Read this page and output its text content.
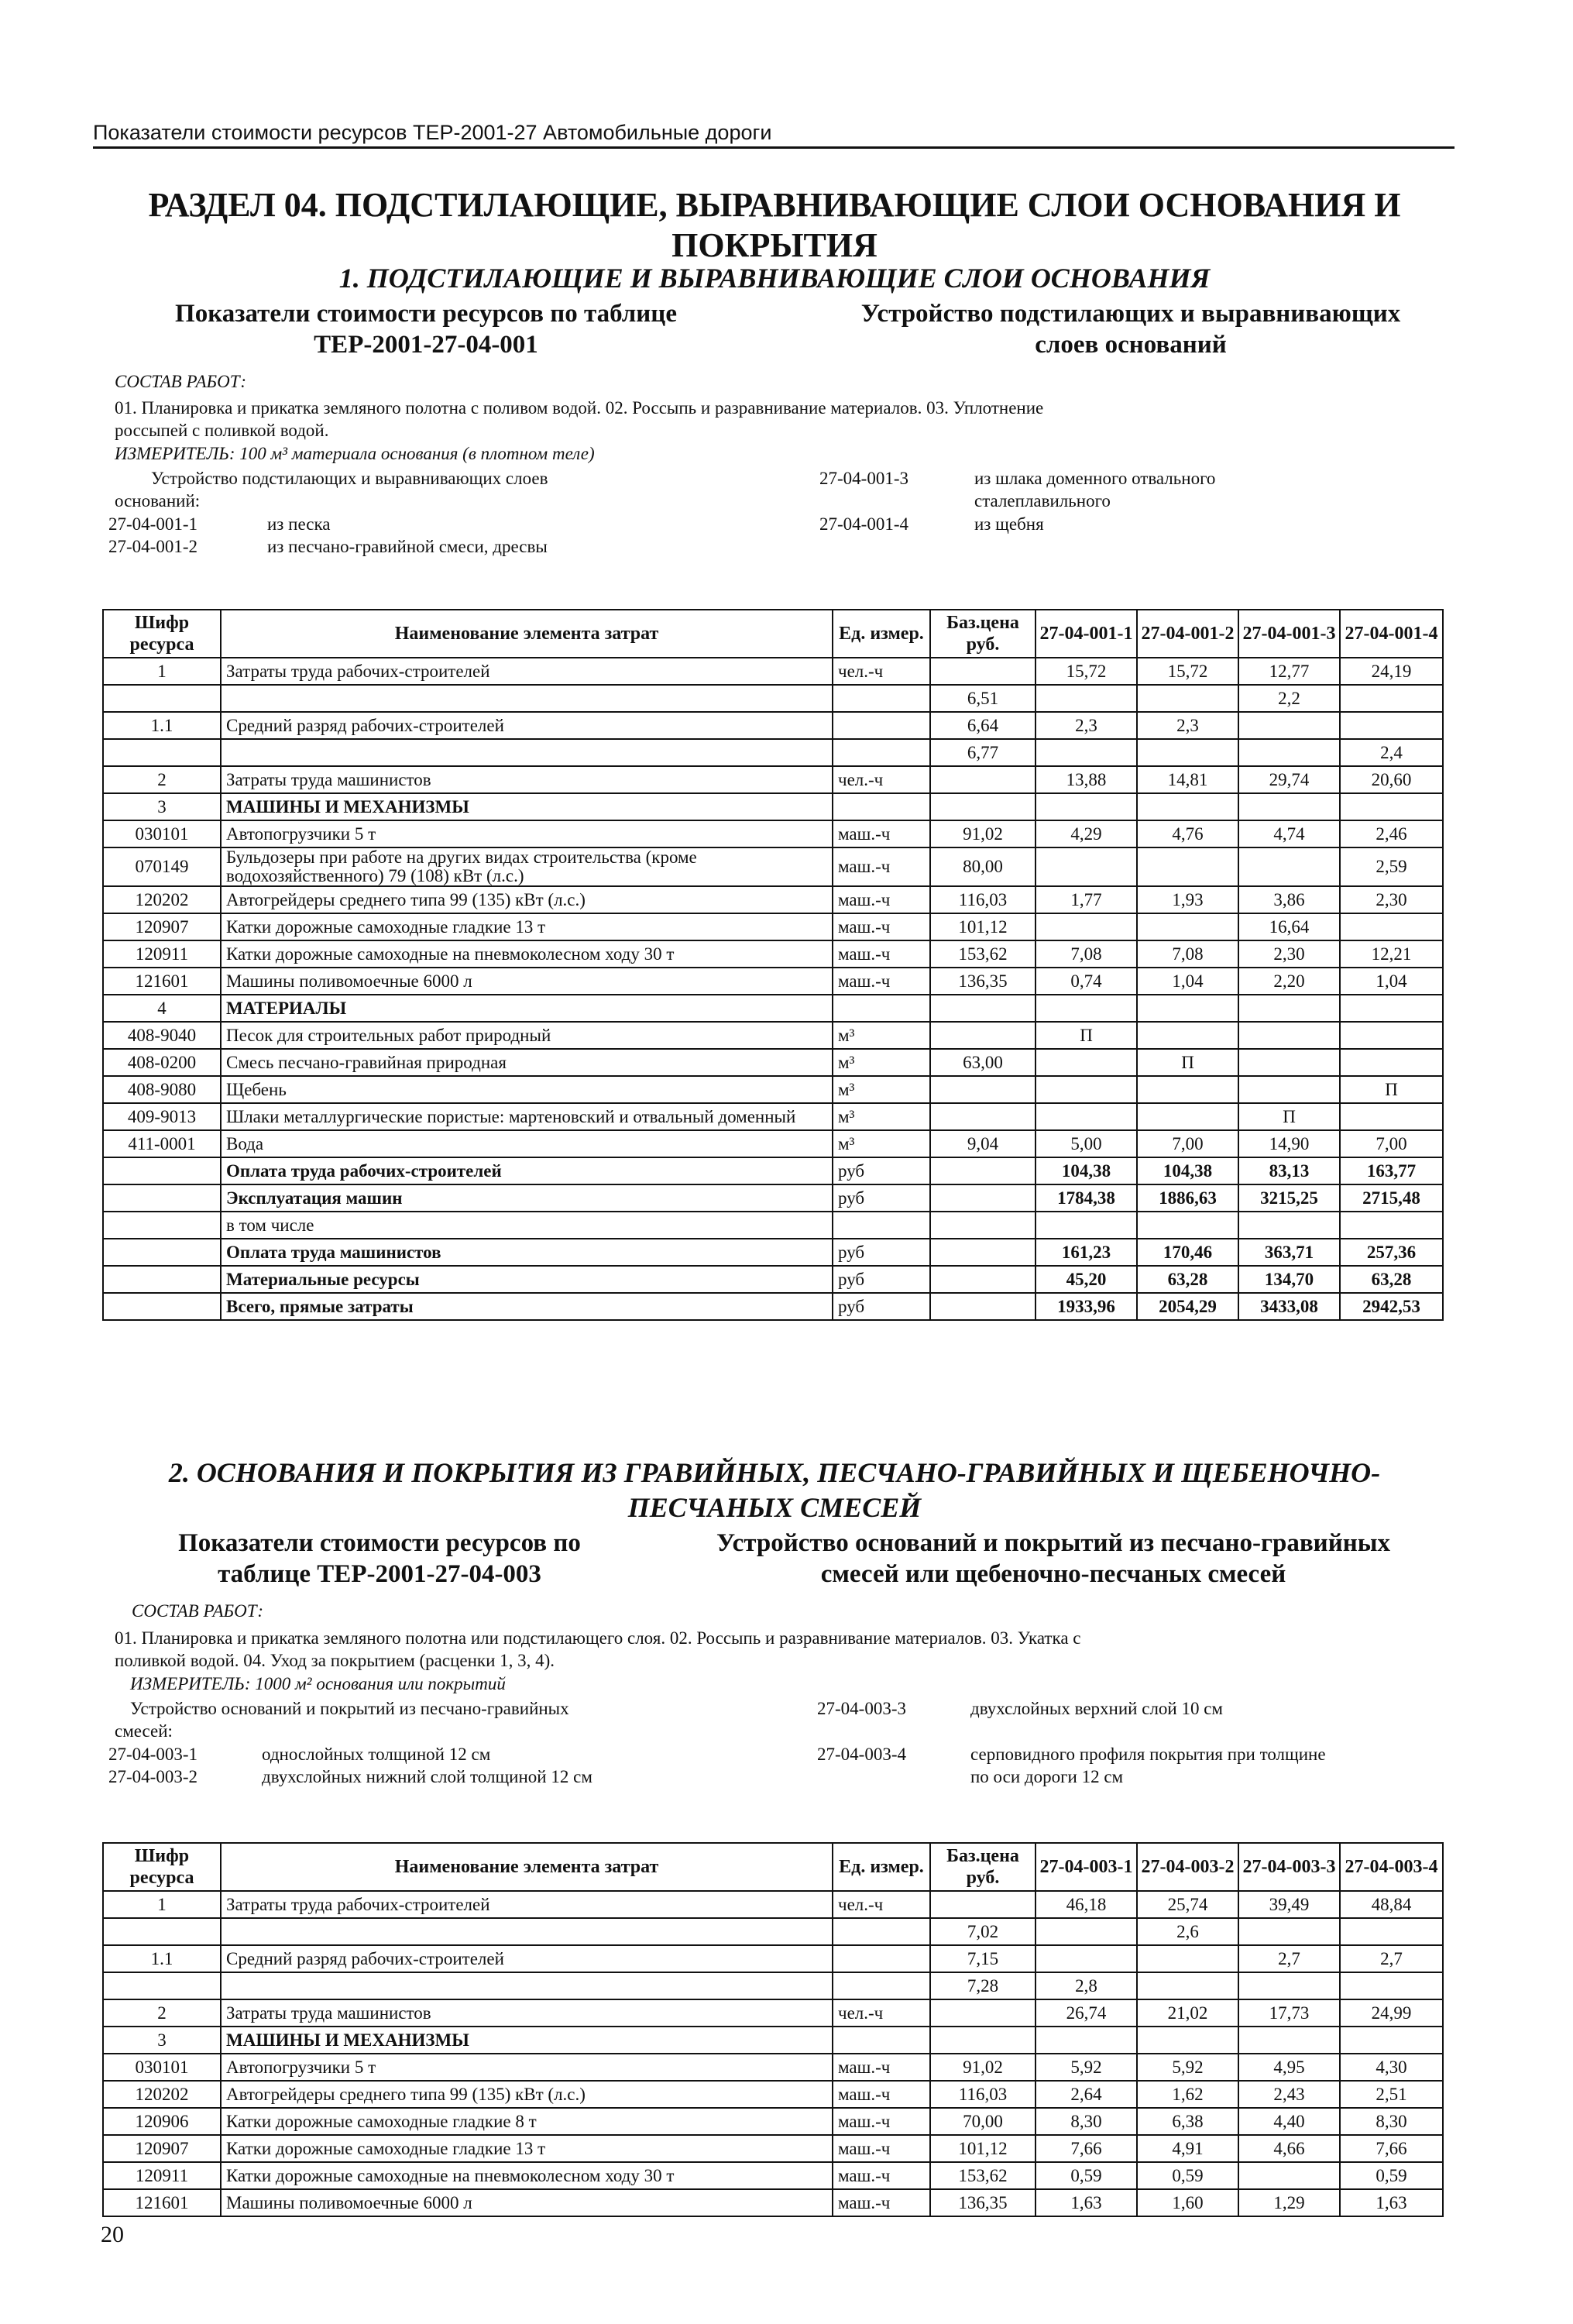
Показатели стоимости ресурсов ТЕР-2001-27 Автомобильные дороги
РАЗДЕЛ 04. ПОДСТИЛАЮЩИЕ, ВЫРАВНИВАЮЩИЕ СЛОИ ОСНОВАНИЯ И
ПОКРЫТИЯ
1. ПОДСТИЛАЮЩИЕ И ВЫРАВНИВАЮЩИЕ СЛОИ ОСНОВАНИЯ
Показатели стоимости ресурсов по таблице
ТЕР-2001-27-04-001
Устройство подстилающих и выравнивающих
слоев оснований
СОСТАВ РАБОТ:
01. Планировка и прикатка земляного полотна с поливом водой. 02. Россыпь и разравнивание материалов. 03. Уплотнение
россыпей с поливкой водой.
ИЗМЕРИТЕЛЬ: 100 м³ материала основания (в плотном теле)
Устройство подстилающих и выравнивающих слоев
оснований:
27-04-001-1	из песка
27-04-001-2	из песчано-гравийной смеси, дресвы
27-04-001-3	из шлака доменного отвального
сталеплавильного
27-04-001-4	из щебня
Шифр ресурса	Наименование элемента затрат	Ед. измер.	Баз.цена руб.	27-04-001-1	27-04-001-2	27-04-001-3	27-04-001-4
1	Затраты труда рабочих-строителей	чел.-ч		15,72	15,72	12,77	24,19
			6,51			2,2	
1.1	Средний разряд рабочих-строителей		6,64	2,3	2,3		
			6,77				2,4
2	Затраты труда машинистов	чел.-ч		13,88	14,81	29,74	20,60
3	МАШИНЫ И МЕХАНИЗМЫ						
030101	Автопогрузчики 5 т	маш.-ч	91,02	4,29	4,76	4,74	2,46
070149	Бульдозеры при работе на других видах строительства (кроме водохозяйственного) 79 (108) кВт (л.с.)	маш.-ч	80,00				2,59
120202	Автогрейдеры среднего типа 99 (135) кВт (л.с.)	маш.-ч	116,03	1,77	1,93	3,86	2,30
120907	Катки дорожные самоходные гладкие 13 т	маш.-ч	101,12			16,64	
120911	Катки дорожные самоходные на пневмоколесном ходу 30 т	маш.-ч	153,62	7,08	7,08	2,30	12,21
121601	Машины поливомоечные 6000 л	маш.-ч	136,35	0,74	1,04	2,20	1,04
4	МАТЕРИАЛЫ						
408-9040	Песок для строительных работ природный	м³		П			
408-0200	Смесь песчано-гравийная природная	м³	63,00		П		
408-9080	Щебень	м³					П
409-9013	Шлаки металлургические пористые: мартеновский и отвальный доменный	м³				П	
411-0001	Вода	м³	9,04	5,00	7,00	14,90	7,00
	Оплата труда рабочих-строителей	руб		104,38	104,38	83,13	163,77
	Эксплуатация машин	руб		1784,38	1886,63	3215,25	2715,48
	в том числе						
	Оплата труда машинистов	руб		161,23	170,46	363,71	257,36
	Материальные ресурсы	руб		45,20	63,28	134,70	63,28
	Всего, прямые затраты	руб		1933,96	2054,29	3433,08	2942,53
2. ОСНОВАНИЯ И ПОКРЫТИЯ ИЗ ГРАВИЙНЫХ, ПЕСЧАНО-ГРАВИЙНЫХ И ЩЕБЕНОЧНО-
ПЕСЧАНЫХ СМЕСЕЙ
Показатели стоимости ресурсов по
таблице ТЕР-2001-27-04-003
Устройство оснований и покрытий из песчано-гравийных
смесей или щебеночно-песчаных смесей
СОСТАВ РАБОТ:
01. Планировка и прикатка земляного полотна или подстилающего слоя. 02. Россыпь и разравнивание материалов. 03. Укатка с
поливкой водой. 04. Уход за покрытием (расценки 1, 3, 4).
ИЗМЕРИТЕЛЬ: 1000 м² основания или покрытий
Устройство оснований и покрытий из песчано-гравийных
смесей:
27-04-003-1	однослойных толщиной 12 см
27-04-003-2	двухслойных нижний слой толщиной 12 см
27-04-003-3	двухслойных верхний слой 10 см
27-04-003-4	серповидного профиля покрытия при толщине
по оси дороги 12 см
Шифр ресурса	Наименование элемента затрат	Ед. измер.	Баз.цена руб.	27-04-003-1	27-04-003-2	27-04-003-3	27-04-003-4
1	Затраты труда рабочих-строителей	чел.-ч		46,18	25,74	39,49	48,84
			7,02		2,6		
1.1	Средний разряд рабочих-строителей		7,15			2,7	2,7
			7,28	2,8			
2	Затраты труда машинистов	чел.-ч		26,74	21,02	17,73	24,99
3	МАШИНЫ И МЕХАНИЗМЫ						
030101	Автопогрузчики 5 т	маш.-ч	91,02	5,92	5,92	4,95	4,30
120202	Автогрейдеры среднего типа 99 (135) кВт (л.с.)	маш.-ч	116,03	2,64	1,62	2,43	2,51
120906	Катки дорожные самоходные гладкие 8 т	маш.-ч	70,00	8,30	6,38	4,40	8,30
120907	Катки дорожные самоходные гладкие 13 т	маш.-ч	101,12	7,66	4,91	4,66	7,66
120911	Катки дорожные самоходные на пневмоколесном ходу 30 т	маш.-ч	153,62	0,59	0,59		0,59
121601	Машины поливомоечные 6000 л	маш.-ч	136,35	1,63	1,60	1,29	1,63
20
